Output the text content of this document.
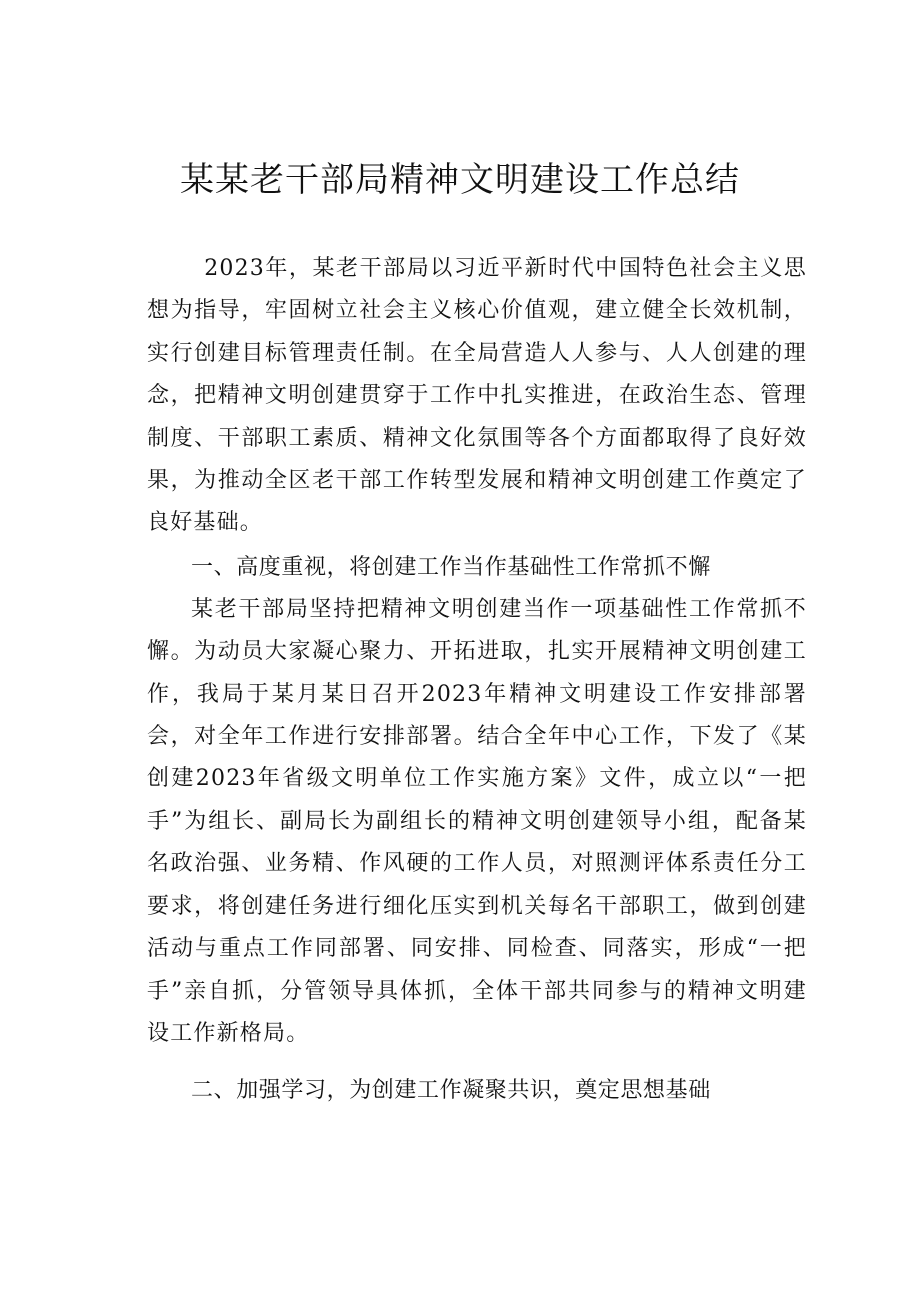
某某老干部局精神文明建设工作总结

2023年，某老干部局以习近平新时代中国特色社会主义思想为指导，牢固树立社会主义核心价值观，建立健全长效机制，实行创建目标管理责任制。在全局营造人人参与、人人创建的理念，把精神文明创建贯穿于工作中扎实推进，在政治生态、管理制度、干部职工素质、精神文化氛围等各个方面都取得了良好效果，为推动全区老干部工作转型发展和精神文明创建工作奠定了良好基础。

一、高度重视，将创建工作当作基础性工作常抓不懈

某老干部局坚持把精神文明创建当作一项基础性工作常抓不懈。为动员大家凝心聚力、开拓进取，扎实开展精神文明创建工作，我局于某月某日召开2023年精神文明建设工作安排部署会，对全年工作进行安排部署。结合全年中心工作，下发了《某创建2023年省级文明单位工作实施方案》文件，成立以“一把手”为组长、副局长为副组长的精神文明创建领导小组，配备某名政治强、业务精、作风硬的工作人员，对照测评体系责任分工要求，将创建任务进行细化压实到机关每名干部职工，做到创建活动与重点工作同部署、同安排、同检查、同落实，形成“一把手”亲自抓，分管领导具体抓，全体干部共同参与的精神文明建设工作新格局。

二、加强学习，为创建工作凝聚共识，奠定思想基础
